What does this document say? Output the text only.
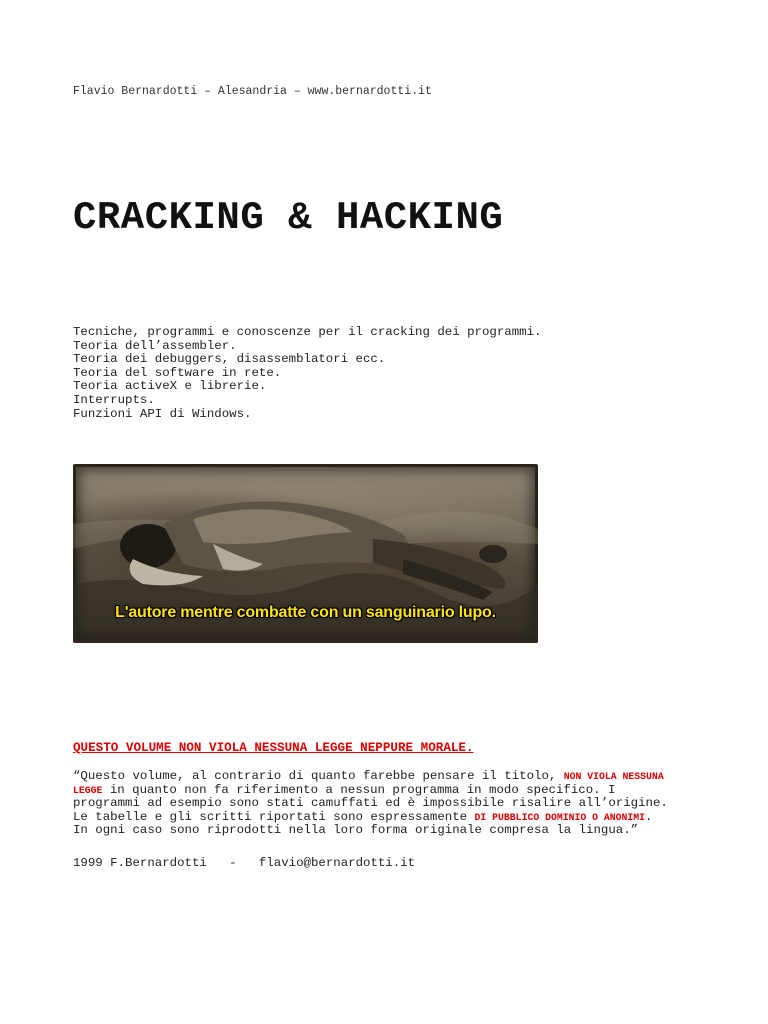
Flavio Bernardotti – Alesandria – www.bernardotti.it
CRACKING & HACKING
Tecniche, programmi e conoscenze per il cracking dei programmi.
Teoria dell’assembler.
Teoria dei debuggers, disassemblatori ecc.
Teoria del software in rete.
Teoria activeX e librerie.
Interrupts.
Funzioni API di Windows.
L'autore mentre combatte con un sanguinario lupo.
QUESTO VOLUME NON VIOLA NESSUNA LEGGE NEPPURE MORALE.
“Questo volume, al contrario di quanto farebbe pensare il titolo, NON VIOLA NESSUNA
LEGGE in quanto non fa riferimento a nessun programma in modo specifico. I
programmi ad esempio sono stati camuffati ed è impossibile risalire all’origine.
Le tabelle e gli scritti riportati sono espressamente DI PUBBLICO DOMINIO O ANONIMI.
In ogni caso sono riprodotti nella loro forma originale compresa la lingua.”
1999 F.Bernardotti - flavio@bernardotti.it
